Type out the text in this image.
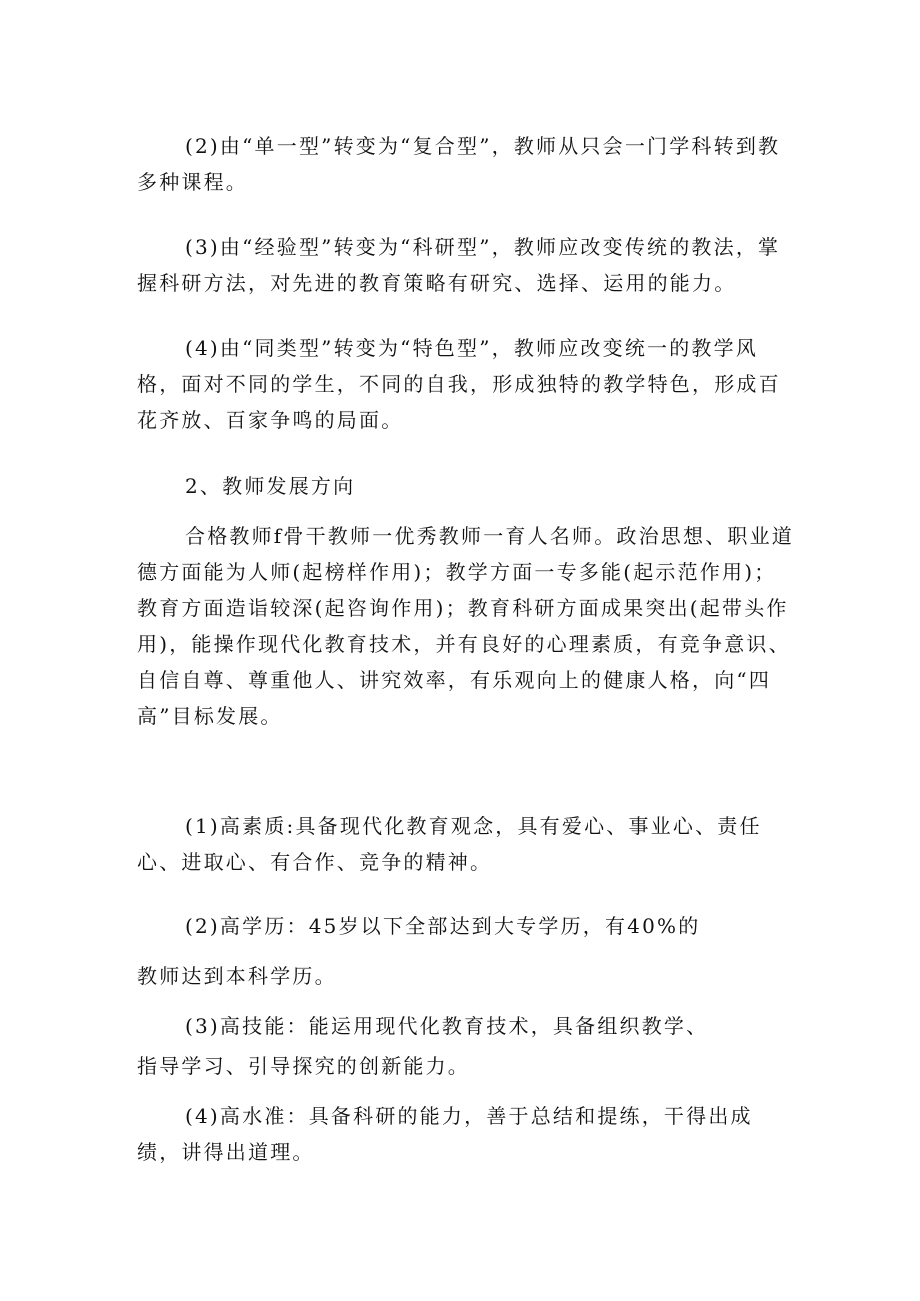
(2)由“单一型”转变为“复合型”，教师从只会一门学科转到教多种课程。

(3)由“经验型”转变为“科研型”，教师应改变传统的教法，掌握科研方法，对先进的教育策略有研究、选择、运用的能力。

(4)由“同类型”转变为“特色型”，教师应改变统一的教学风格，面对不同的学生，不同的自我，形成独特的教学特色，形成百花齐放、百家争鸣的局面。

2、教师发展方向

合格教师f骨干教师一优秀教师一育人名师。政治思想、职业道德方面能为人师(起榜样作用)；教学方面一专多能(起示范作用)；教育方面造诣较深(起咨询作用)；教育科研方面成果突出(起带头作用)，能操作现代化教育技术，并有良好的心理素质，有竞争意识、自信自尊、尊重他人、讲究效率，有乐观向上的健康人格，向“四高”目标发展。

(1)高素质:具备现代化教育观念，具有爱心、事业心、责任心、进取心、有合作、竞争的精神。

(2)高学历：45岁以下全部达到大专学历，有40%的

教师达到本科学历。

(3)高技能：能运用现代化教育技术，具备组织教学、

指导学习、引导探究的创新能力。

(4)高水准：具备科研的能力，善于总结和提练，干得出成绩，讲得出道理。
